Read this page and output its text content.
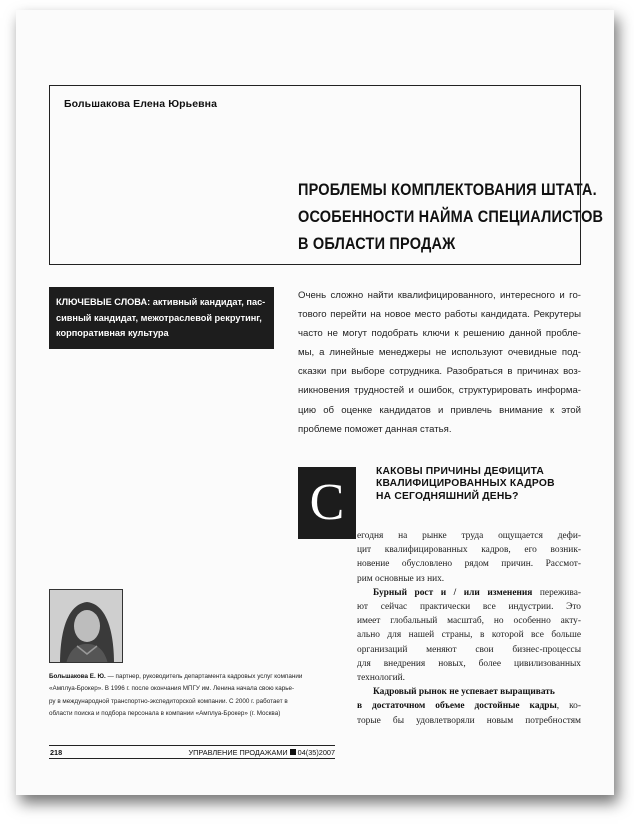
Большакова Елена Юрьевна
ПРОБЛЕМЫ КОМПЛЕКТОВАНИЯ ШТАТА.
ОСОБЕННОСТИ НАЙМА СПЕЦИАЛИСТОВ
В ОБЛАСТИ ПРОДАЖ
КЛЮЧЕВЫЕ СЛОВА: активный кандидат, пас-
сивный кандидат, межотраслевой рекрутинг,
корпоративная культура
Очень сложно найти квалифицированного, интересного и го-
тового перейти на новое место работы кандидата. Рекрутеры
часто не могут подобрать ключи к решению данной пробле-
мы, а линейные менеджеры не используют очевидные под-
сказки при выборе сотрудника. Разобраться в причинах воз-
никновения трудностей и ошибок, структурировать информа-
цию об оценке кандидатов и привлечь внимание к этой
проблеме поможет данная статья.
С
КАКОВЫ ПРИЧИНЫ ДЕФИЦИТА
КВАЛИФИЦИРОВАННЫХ КАДРОВ
НА СЕГОДНЯШНИЙ ДЕНЬ?
егодня на рынке труда ощущается дефи-
цит квалифицированных кадров, его возник-
новение обусловлено рядом причин. Рассмот-
рим основные из них.
Бурный рост и / или изменения пережива-
ют сейчас практически все индустрии. Это
имеет глобальный масштаб, но особенно акту-
ально для нашей страны, в которой все больше
организаций меняют свои бизнес-процессы
для внедрения новых, более цивилизованных
технологий.
Кадровый рынок не успевает выращивать
в достаточном объеме достойные кадры, ко-
торые бы удовлетворяли новым потребностям
Большакова Е. Ю. — партнер, руководитель департамента кадровых услуг компании
«Амплуа-Брокер». В 1996 г. после окончания МПГУ им. Ленина начала свою карье-
ру в международной транспортно-экспедиторской компании. С 2000 г. работает в
области поиска и подбора персонала в компании «Амплуа-Брокер» (г. Москва)
218	УПРАВЛЕНИЕ ПРОДАЖАМИ 04(35)2007
